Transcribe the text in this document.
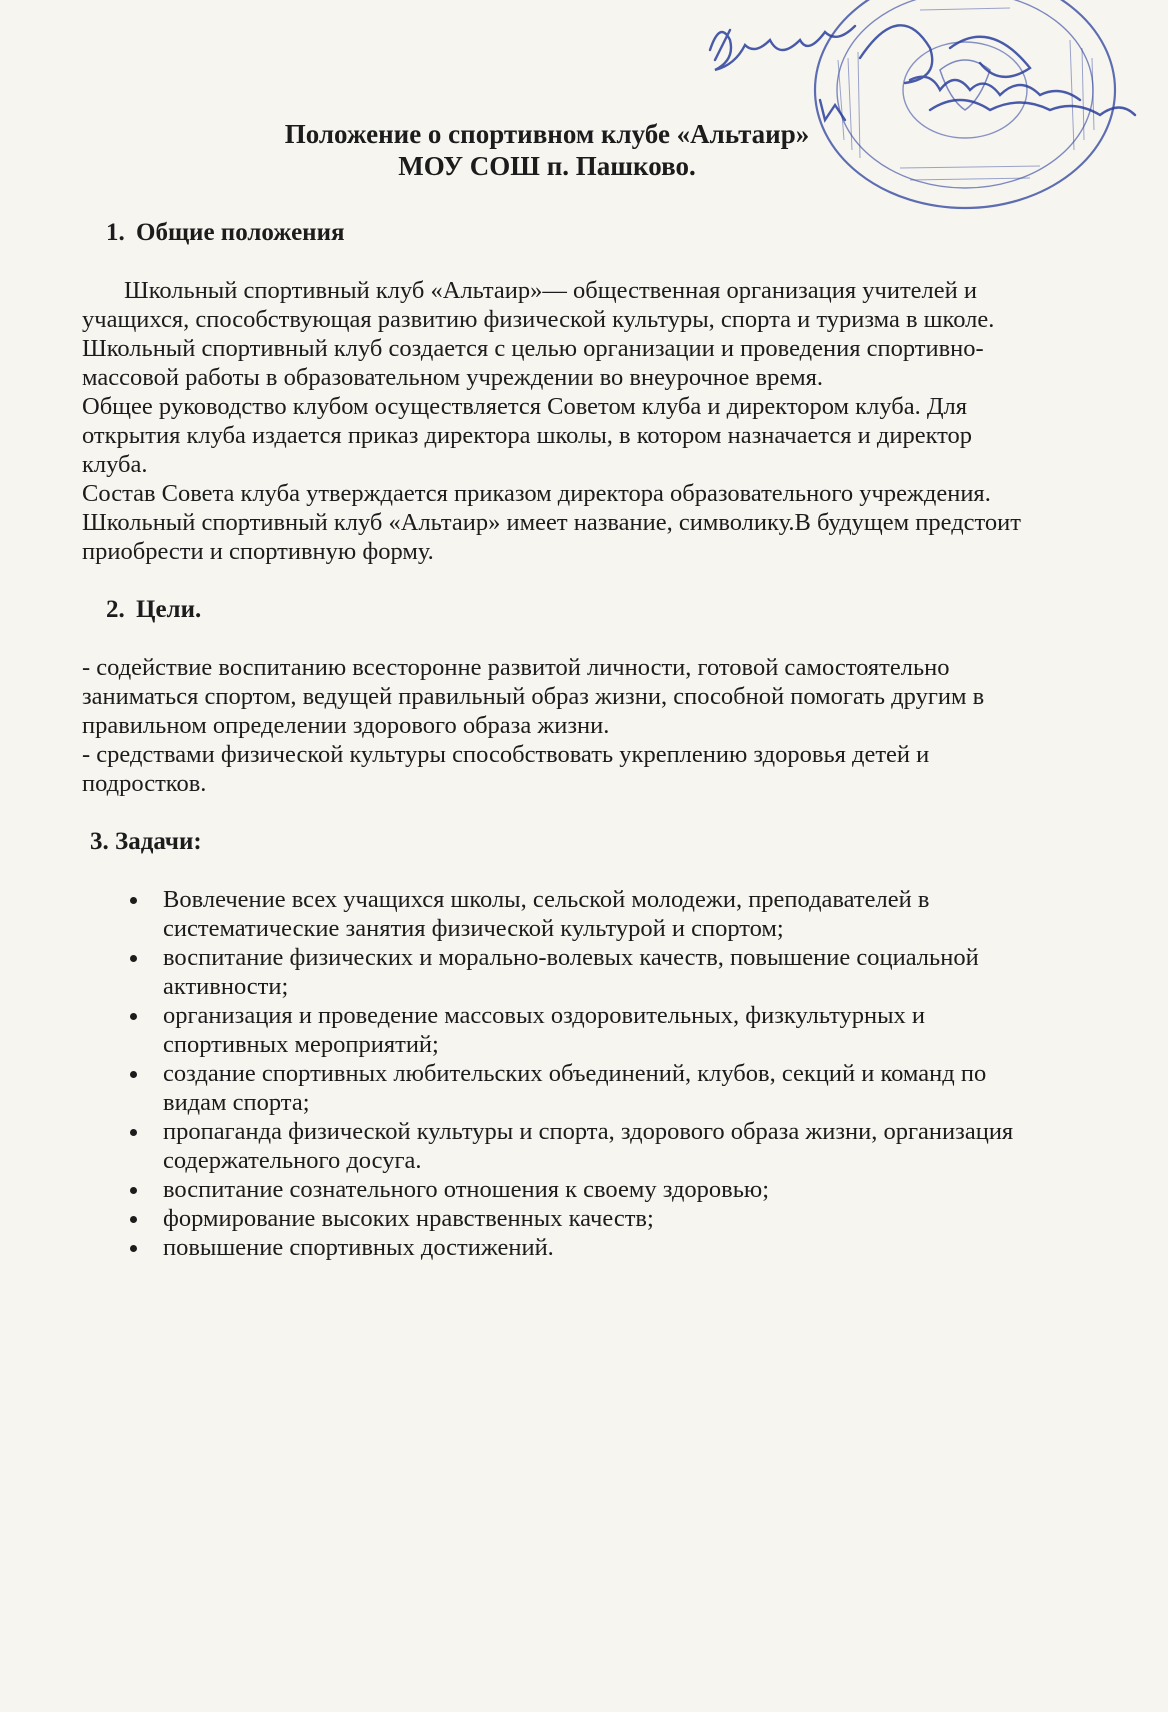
Положение о спортивном клубе «Альтаир»
МОУ СОШ п. Пашково.
1. Общие положения

Школьный спортивный клуб «Альтаир»— общественная организация учителей и учащихся, способствующая развитию физической культуры, спорта и туризма в школе.

Школьный спортивный клуб создается с целью организации и проведения спортивно-массовой работы в образовательном учреждении во внеурочное время.

Общее руководство клубом осуществляется Советом клуба и директором клуба. Для открытия клуба издается приказ директора школы, в котором назначается и директор клуба.

Состав Совета клуба утверждается приказом директора образовательного учреждения.

Школьный спортивный клуб «Альтаир» имеет название, символику.В будущем предстоит приобрести и спортивную форму.

2. Цели.

- содействие воспитанию всесторонне развитой личности, готовой самостоятельно заниматься спортом, ведущей правильный образ жизни, способной помогать другим в правильном определении здорового образа жизни.

- средствами физической культуры способствовать укреплению здоровья детей и подростков.

3. Задачи:
Вовлечение всех учащихся школы, сельской молодежи, преподавателей в систематические занятия физической культурой и спортом;
воспитание физических и морально-волевых качеств, повышение социальной активности;
организация и проведение массовых оздоровительных, физкультурных и спортивных мероприятий;
создание спортивных любительских объединений, клубов, секций и команд по видам спорта;
пропаганда физической культуры и спорта, здорового образа жизни, организация содержательного досуга.
воспитание сознательного отношения к своему здоровью;
формирование высоких нравственных качеств;
повышение спортивных достижений.
